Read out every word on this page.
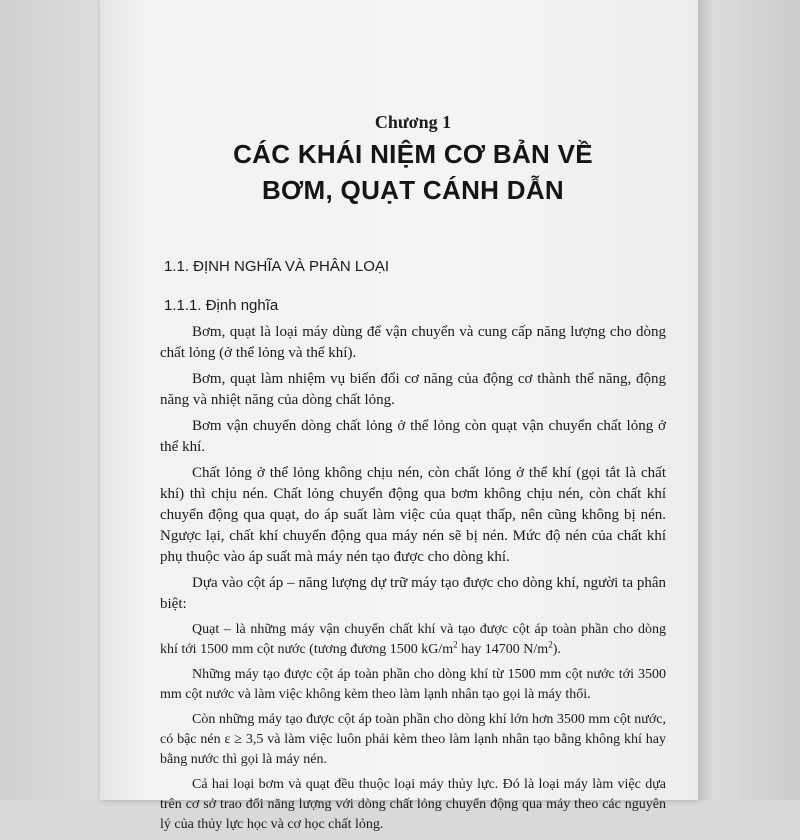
Chương 1
CÁC KHÁI NIỆM CƠ BẢN VỀ
BƠM, QUẠT CÁNH DẪN
1.1. ĐỊNH NGHĨA VÀ PHÂN LOẠI
1.1.1. Định nghĩa

Bơm, quạt là loại máy dùng để vận chuyển và cung cấp năng lượng cho dòng chất lỏng (ở thể lỏng và thể khí).

Bơm, quạt làm nhiệm vụ biến đổi cơ năng của động cơ thành thế năng, động năng và nhiệt năng của dòng chất lỏng.

Bơm vận chuyển dòng chất lỏng ở thể lỏng còn quạt vận chuyển chất lỏng ở thể khí.

Chất lỏng ở thể lỏng không chịu nén, còn chất lỏng ở thể khí (gọi tắt là chất khí) thì chịu nén. Chất lỏng chuyển động qua bơm không chịu nén, còn chất khí chuyển động qua quạt, do áp suất làm việc của quạt thấp, nên cũng không bị nén. Ngược lại, chất khí chuyển động qua máy nén sẽ bị nén. Mức độ nén của chất khí phụ thuộc vào áp suất mà máy nén tạo được cho dòng khí.

Dựa vào cột áp – năng lượng dự trữ máy tạo được cho dòng khí, người ta phân biệt:

Quạt – là những máy vận chuyển chất khí và tạo được cột áp toàn phần cho dòng khí tới 1500 mm cột nước (tương đương 1500 $kG/m^2$ hay 14700 $N/m^2$).

Những máy tạo được cột áp toàn phần cho dòng khí từ 1500 mm cột nước tới 3500 mm cột nước và làm việc không kèm theo làm lạnh nhân tạo gọi là máy thổi.

Còn những máy tạo được cột áp toàn phần cho dòng khí lớn hơn 3500 mm cột nước, có bậc nén ε ≥ 3,5 và làm việc luôn phải kèm theo làm lạnh nhân tạo bằng không khí hay bằng nước thì gọi là máy nén.

Cả hai loại bơm và quạt đều thuộc loại máy thủy lực. Đó là loại máy làm việc dựa trên cơ sở trao đổi năng lượng với dòng chất lỏng chuyển động qua máy theo các nguyên lý của thủy lực học và cơ học chất lỏng.
